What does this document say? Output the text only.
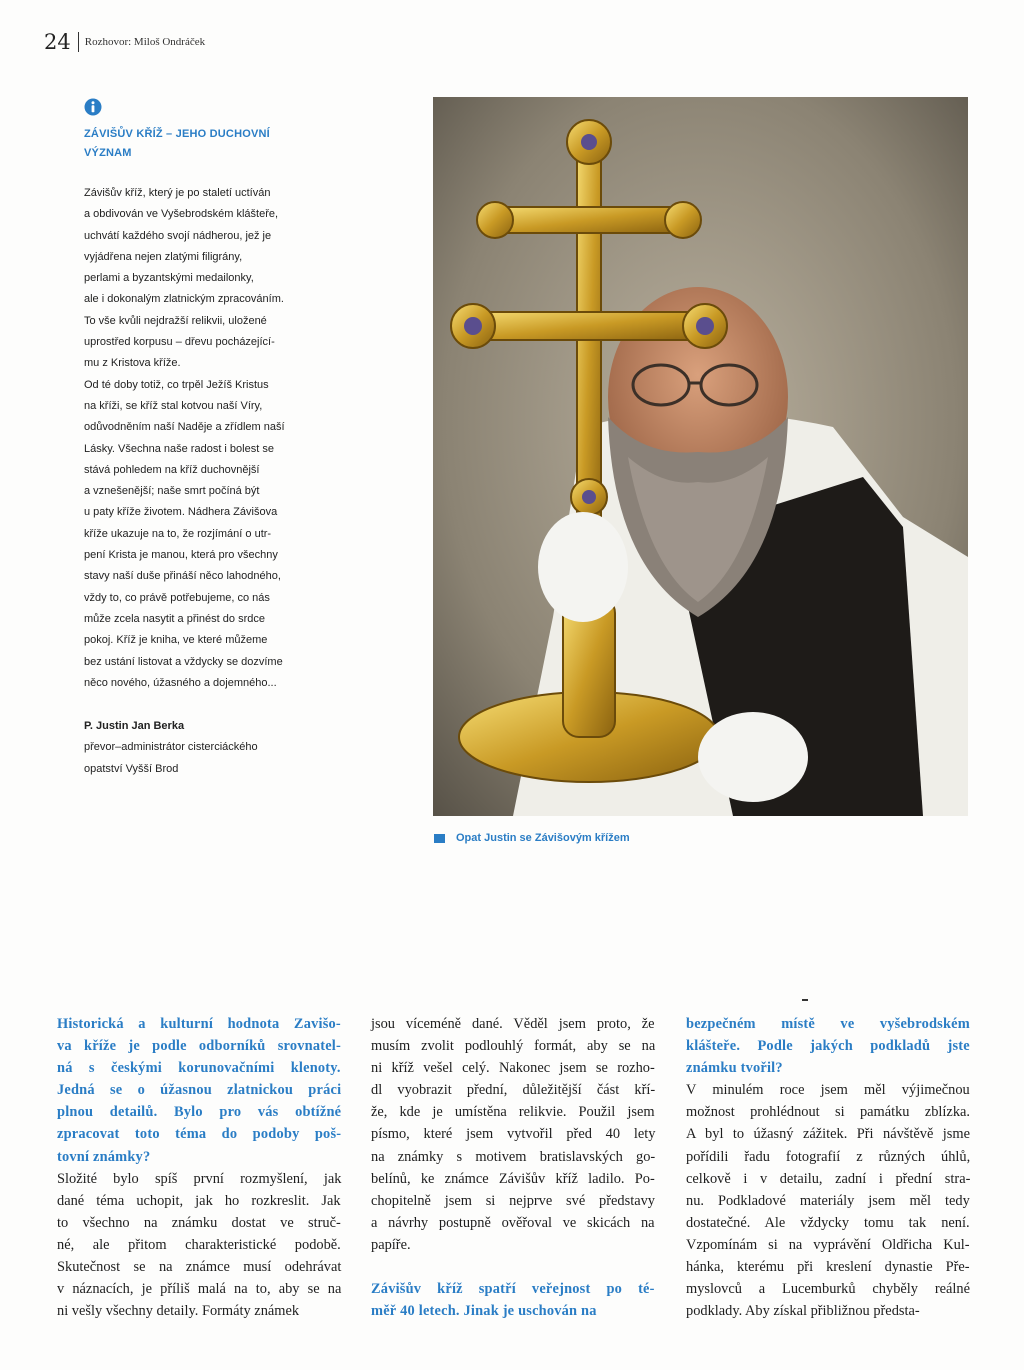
24 Rozhovor: Miloš Ondráček
ZÁVIŠŮV KŘÍŽ – JEHO DUCHOVNÍ
VÝZNAM
Závišův kříž, který je po staletí uctíván
a obdivován ve Vyšebrodském klášteře,
uchvátí každého svojí nádherou, jež je
vyjádřena nejen zlatými filigrány,
perlami a byzantskými medailonky,
ale i dokonalým zlatnickým zpracováním.
To vše kvůli nejdražší relikvii, uložené
uprostřed korpusu – dřevu pocházející-
mu z Kristova kříže.
Od té doby totiž, co trpěl Ježíš Kristus
na kříži, se kříž stal kotvou naší Víry,
odůvodněním naší Naděje a zřídlem naší
Lásky. Všechna naše radost i bolest se
stává pohledem na kříž duchovnější
a vznešenější; naše smrt počíná být
u paty kříže životem. Nádhera Závišova
kříže ukazuje na to, že rozjímání o utr-
pení Krista je manou, která pro všechny
stavy naší duše přináší něco lahodného,
vždy to, co právě potřebujeme, co nás
může zcela nasytit a přinést do srdce
pokoj. Kříž je kniha, ve které můžeme
bez ustání listovat a vždycky se dozvíme
něco nového, úžasného a dojemného...
P. Justin Jan Berka
převor–administrátor cisterciáckého
opatství Vyšší Brod
Opat Justin se Závišovým křížem
Historická a kulturní hodnota Zavišo-
va kříže je podle odborníků srovnatel-
ná s českými korunovačními klenoty.
Jedná se o úžasnou zlatnickou práci
plnou detailů. Bylo pro vás obtížné
zpracovat toto téma do podoby poš-
tovní známky?
Složité bylo spíš první rozmyšlení, jak
dané téma uchopit, jak ho rozkreslit. Jak
to všechno na známku dostat ve struč-
né, ale přitom charakteristické podobě.
Skutečnost se na známce musí odehrávat
v náznacích, je příliš malá na to, aby se na
ni vešly všechny detaily. Formáty známek
jsou víceméně dané. Věděl jsem proto, že
musím zvolit podlouhlý formát, aby se na
ni kříž vešel celý. Nakonec jsem se rozho-
dl vyobrazit přední, důležitější část kří-
že, kde je umístěna relikvie. Použil jsem
písmo, které jsem vytvořil před 40 lety
na známky s motivem bratislavských go-
belínů, ke známce Závišův kříž ladilo. Po-
chopitelně jsem si nejprve své představy
a návrhy postupně ověřoval ve skicách na
papíře.
Závišův kříž spatří veřejnost po té-
měř 40 letech. Jinak je uschován na
bezpečném místě ve vyšebrodském
klášteře. Podle jakých podkladů jste
známku tvořil?
V minulém roce jsem měl výjimečnou
možnost prohlédnout si památku zblízka.
A byl to úžasný zážitek. Při návštěvě jsme
pořídili řadu fotografií z různých úhlů,
celkově i v detailu, zadní i přední stra-
nu. Podkladové materiály jsem měl tedy
dostatečné. Ale vždycky tomu tak není.
Vzpomínám si na vyprávění Oldřicha Kul-
hánka, kterému při kreslení dynastie Pře-
myslovců a Lucemburků chyběly reálné
podklady. Aby získal přibližnou předsta-
